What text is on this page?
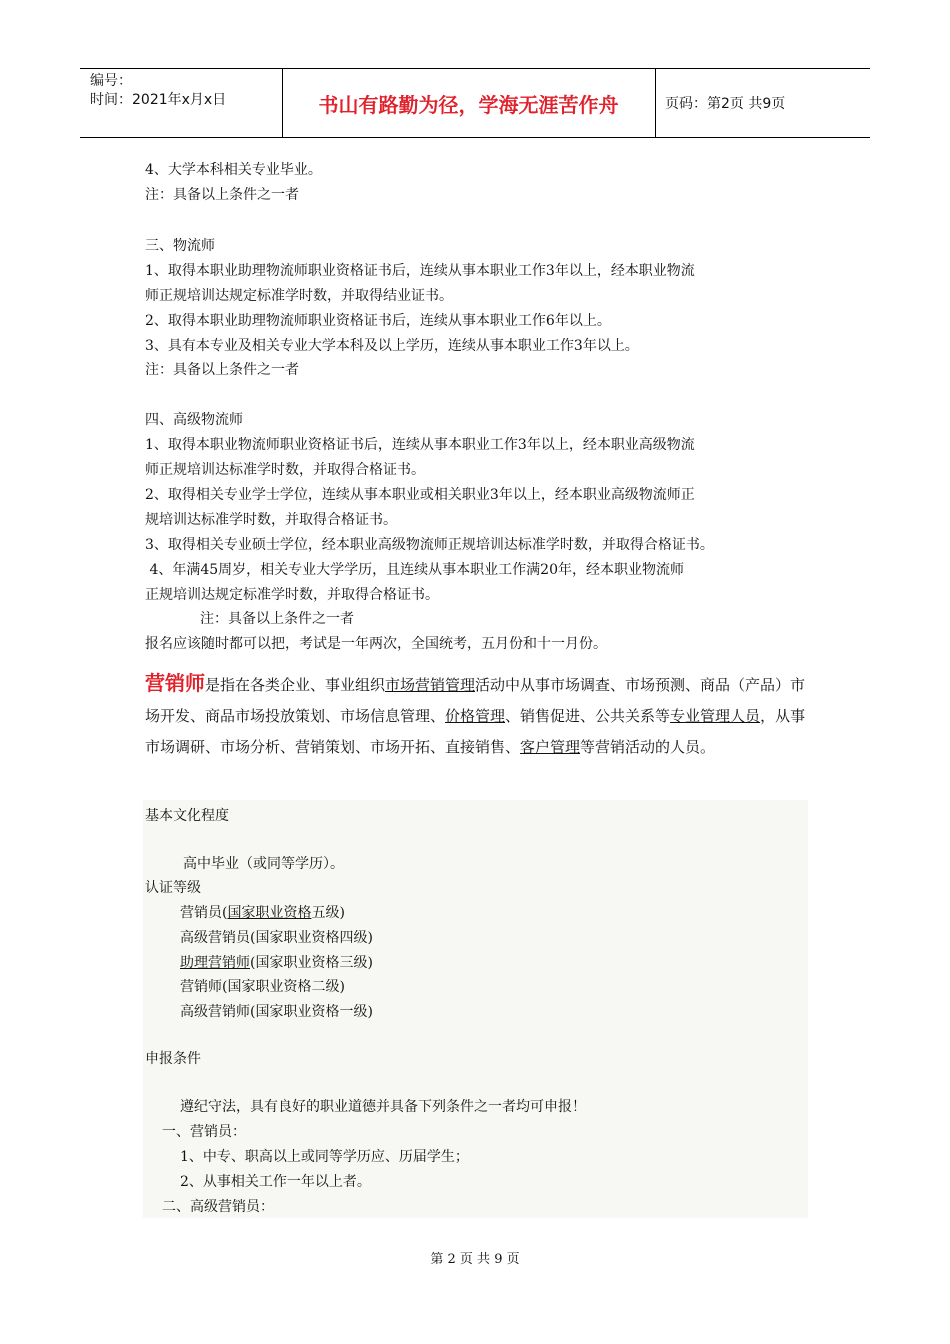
编号：
时间：2021年x月x日	书山有路勤为径，学海无涯苦作舟	页码：第2页 共9页
4、大学本科相关专业毕业。
注：具备以上条件之一者
三、物流师
1、取得本职业助理物流师职业资格证书后，连续从事本职业工作3年以上，经本职业物流
师正规培训达规定标准学时数，并取得结业证书。
2、取得本职业助理物流师职业资格证书后，连续从事本职业工作6年以上。
3、具有本专业及相关专业大学本科及以上学历，连续从事本职业工作3年以上。
注：具备以上条件之一者
四、高级物流师
1、取得本职业物流师职业资格证书后，连续从事本职业工作3年以上，经本职业高级物流
师正规培训达标准学时数，并取得合格证书。
2、取得相关专业学士学位，连续从事本职业或相关职业3年以上，经本职业高级物流师正
规培训达标准学时数，并取得合格证书。
3、取得相关专业硕士学位，经本职业高级物流师正规培训达标准学时数，并取得合格证书。
4、年满45周岁，相关专业大学学历，且连续从事本职业工作满20年，经本职业物流师
正规培训达规定标准学时数，并取得合格证书。
注：具备以上条件之一者
报名应该随时都可以把，考试是一年两次，全国统考，五月份和十一月份。
营销师是指在各类企业、事业组织市场营销管理活动中从事市场调查、市场预测、商品（产品）市场开发、商品市场投放策划、市场信息管理、价格管理、销售促进、公共关系等专业管理人员，从事市场调研、市场分析、营销策划、市场开拓、直接销售、客户管理等营销活动的人员。
基本文化程度
高中毕业（或同等学历）。
认证等级
营销员(国家职业资格五级)
高级营销员(国家职业资格四级)
助理营销师(国家职业资格三级)
营销师(国家职业资格二级)
高级营销师(国家职业资格一级)
申报条件
遵纪守法，具有良好的职业道德并具备下列条件之一者均可申报！
一、营销员：
1、中专、职高以上或同等学历应、历届学生；
2、从事相关工作一年以上者。
二、高级营销员：
第 2 页 共 9 页
